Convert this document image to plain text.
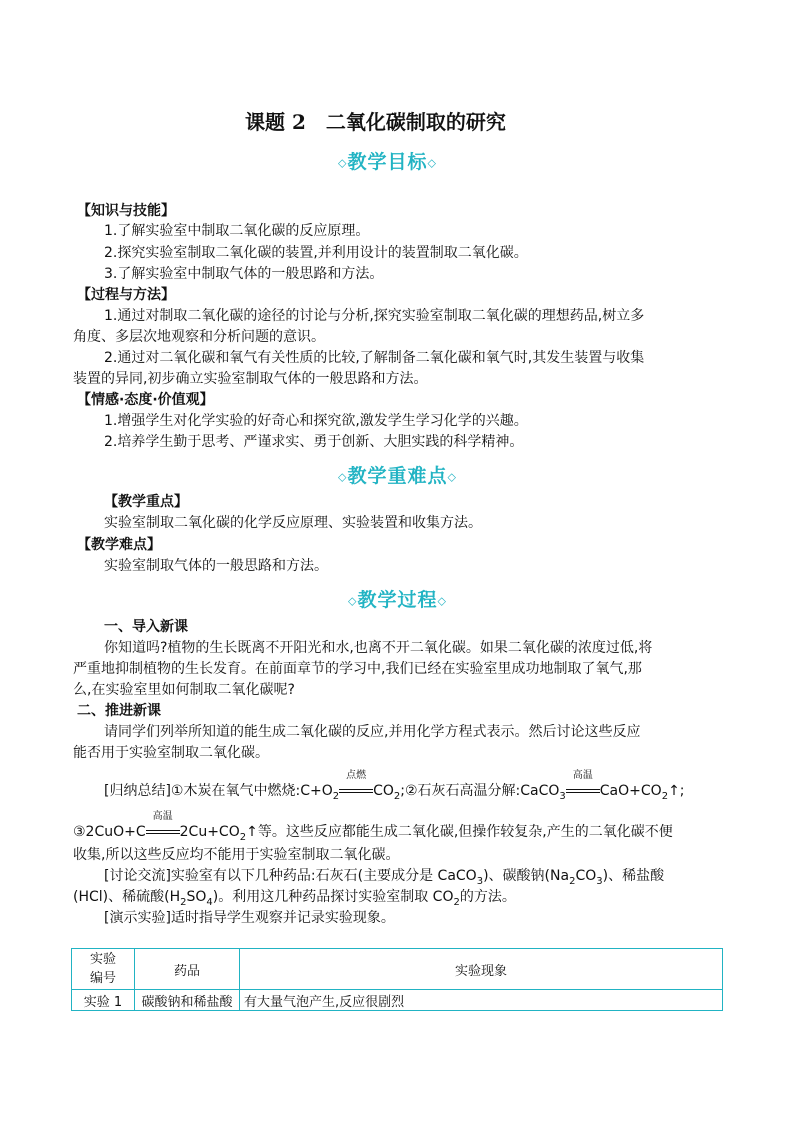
课题 2　二氧化碳制取的研究
◇教学目标◇
【知识与技能】
1.了解实验室中制取二氧化碳的反应原理。
2.探究实验室制取二氧化碳的装置,并利用设计的装置制取二氧化碳。
3.了解实验室中制取气体的一般思路和方法。
【过程与方法】
1.通过对制取二氧化碳的途径的讨论与分析,探究实验室制取二氧化碳的理想药品,树立多
角度、多层次地观察和分析问题的意识。
2.通过对二氧化碳和氧气有关性质的比较,了解制备二氧化碳和氧气时,其发生装置与收集
装置的异同,初步确立实验室制取气体的一般思路和方法。
【情感·态度·价值观】
1.增强学生对化学实验的好奇心和探究欲,激发学生学习化学的兴趣。
2.培养学生勤于思考、严谨求实、勇于创新、大胆实践的科学精神。
◇教学重难点◇
【教学重点】
实验室制取二氧化碳的化学反应原理、实验装置和收集方法。
【教学难点】
实验室制取气体的一般思路和方法。
◇教学过程◇
一、导入新课
你知道吗?植物的生长既离不开阳光和水,也离不开二氧化碳。如果二氧化碳的浓度过低,将
严重地抑制植物的生长发育。在前面章节的学习中,我们已经在实验室里成功地制取了氧气,那
么,在实验室里如何制取二氧化碳呢?
二、推进新课
请同学们列举所知道的能生成二氧化碳的反应,并用化学方程式表示。然后讨论这些反应
能否用于实验室制取二氧化碳。
[归纳总结]①木炭在氧气中燃烧$:C+O_2$
点燃
$CO_2;②$石灰石高温分解:CaCO$_3$
高温
$CaO+CO_2↑$;
③2CuO+C
高温
$2Cu+CO_2↑$等。这些反应都能生成二氧化碳,但操作较复杂,产生的二氧化碳不便
收集,所以这些反应均不能用于实验室制取二氧化碳。
[讨论交流]实验室有以下几种药品:石灰石(主要成分是 CaCO$_3$)、碳酸钠$(Na_2CO_3)$、稀盐酸
(HCl)、稀硫酸$(H_2SO_4)$。利用这几种药品探讨实验室制取 $CO_2$的方法。
[演示实验]适时指导学生观察并记录实验现象。
实验
编号	药品	实验现象
实验 1	碳酸钠和稀盐酸	有大量气泡产生,反应很剧烈
